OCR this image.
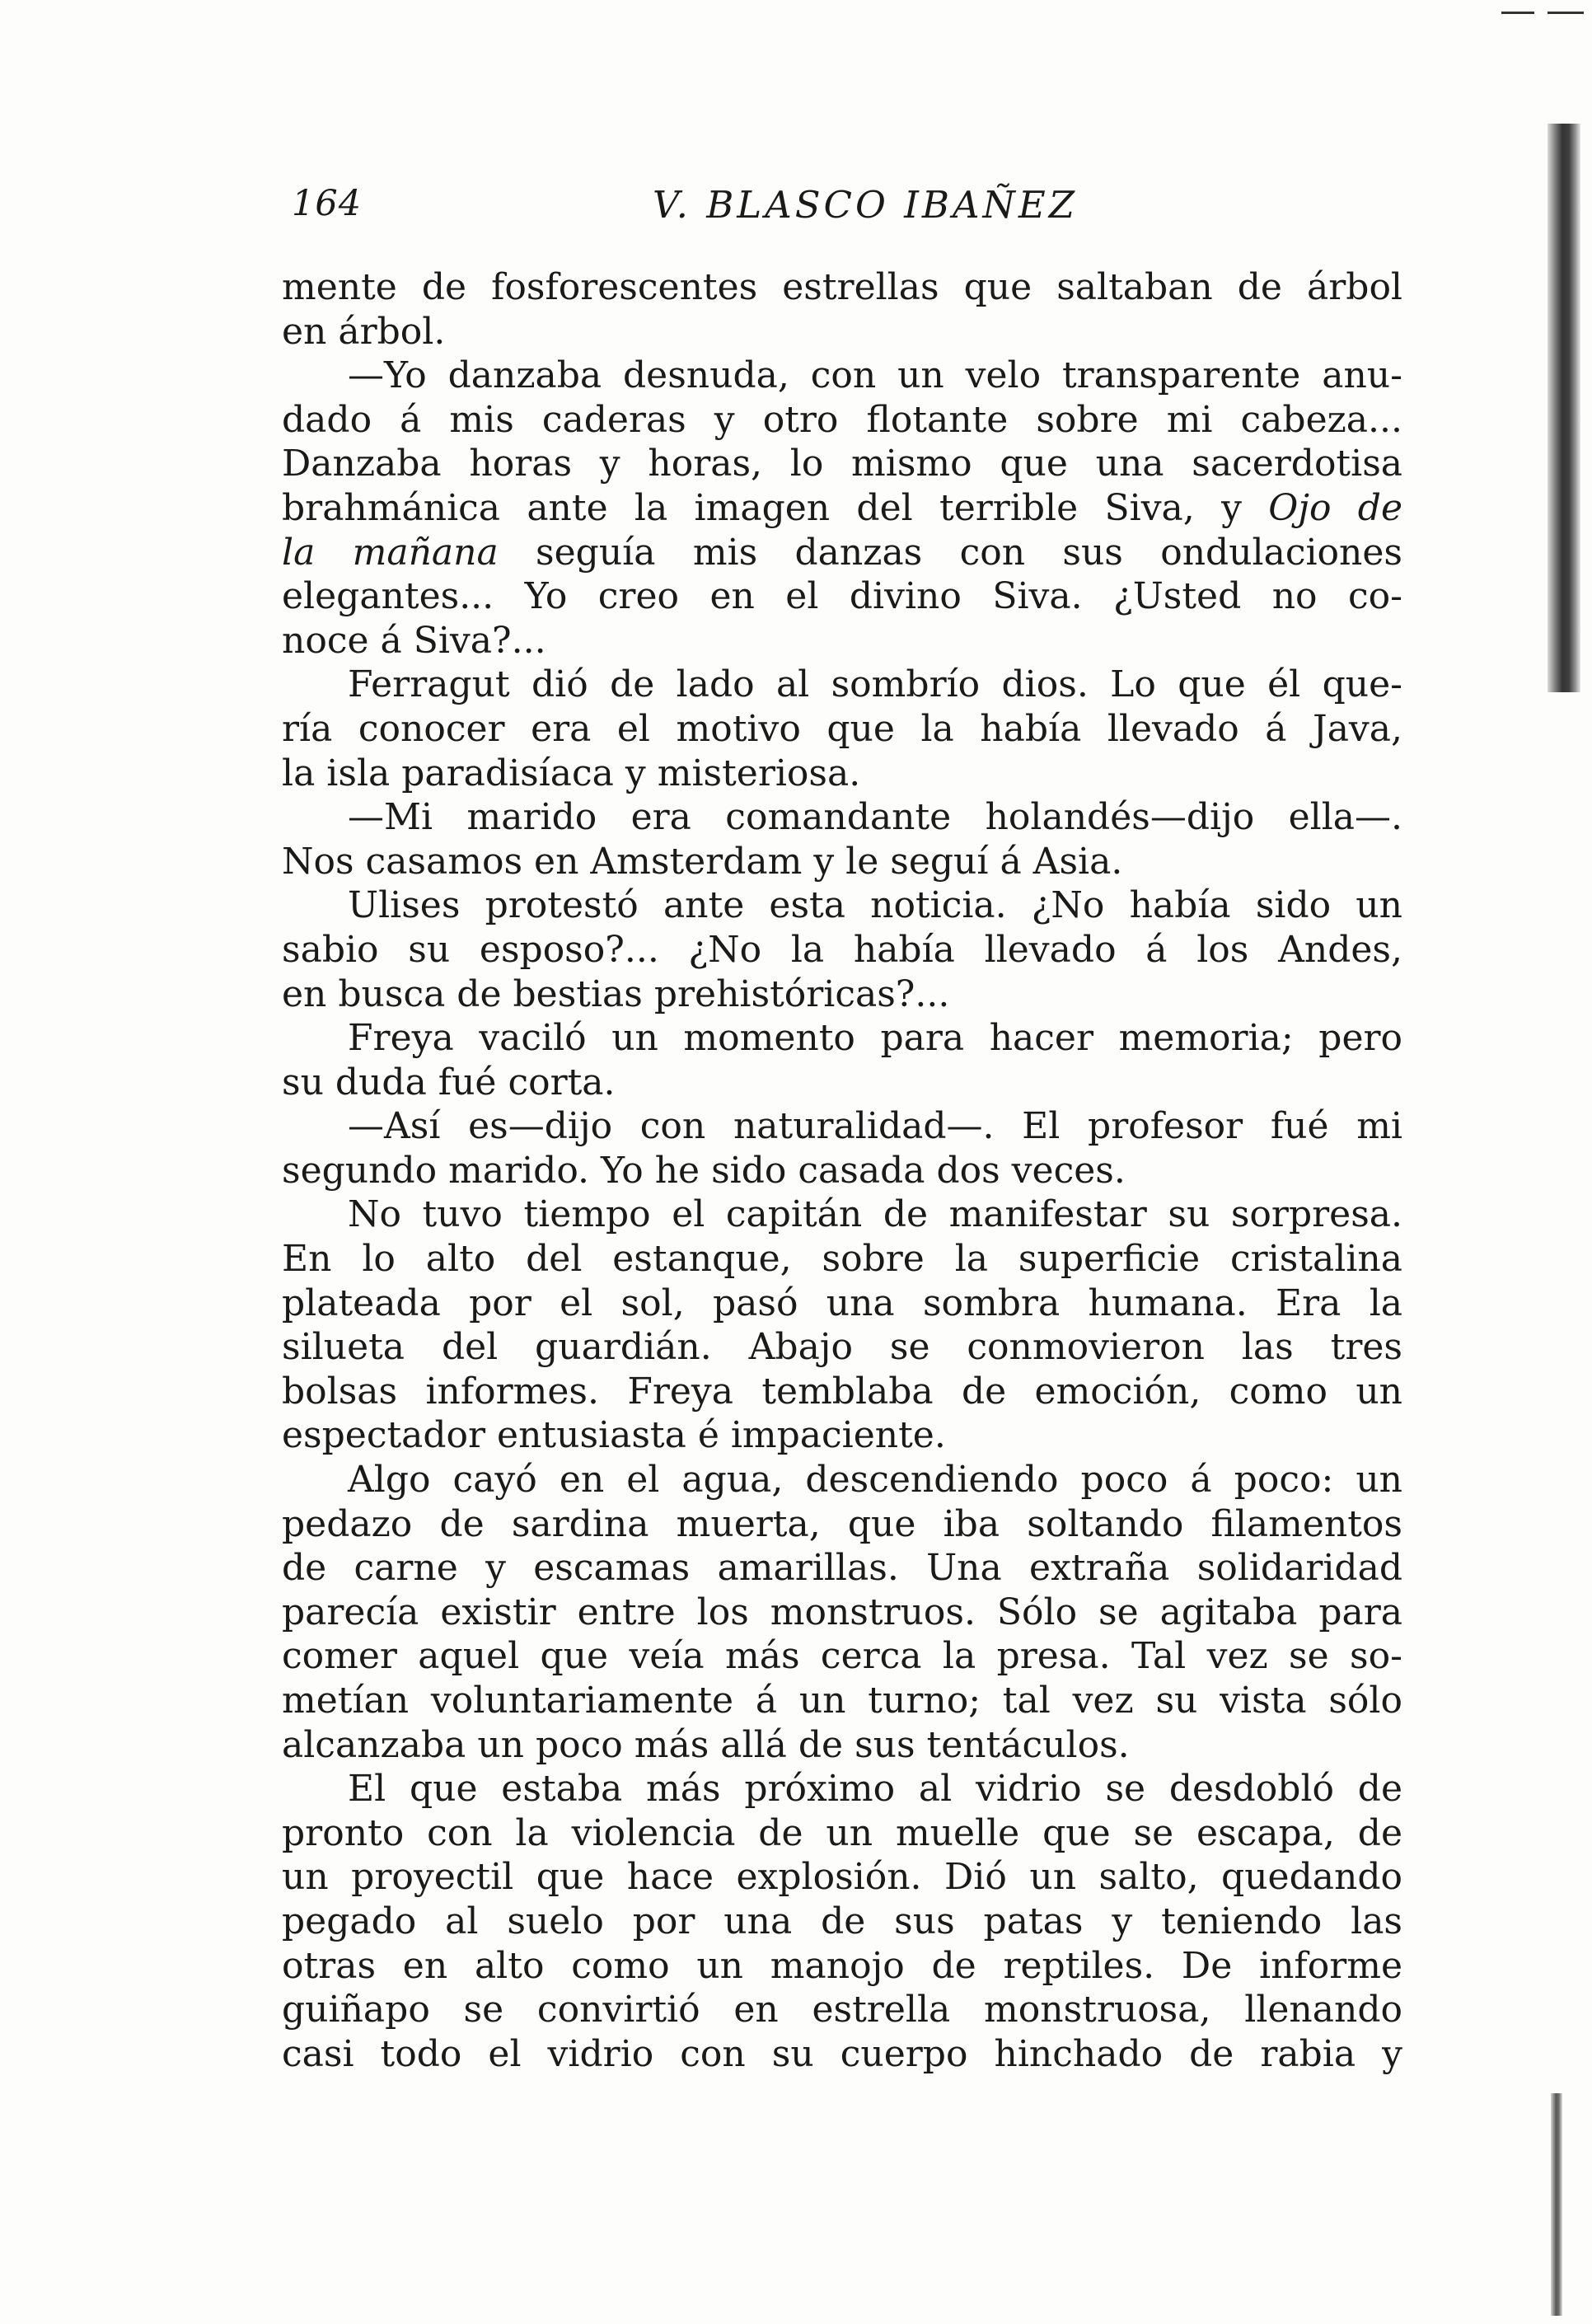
164	V. BLASCO IBAÑEZ
mente de fosforescentes estrellas que saltaban de árbol
en árbol.
—Yo danzaba desnuda, con un velo transparente anu-
dado á mis caderas y otro flotante sobre mi cabeza...
Danzaba horas y horas, lo mismo que una sacerdotisa
brahmánica ante la imagen del terrible Siva, y Ojo de
la mañana seguía mis danzas con sus ondulaciones
elegantes... Yo creo en el divino Siva. ¿Usted no co-
noce á Siva?...
Ferragut dió de lado al sombrío dios. Lo que él que-
ría conocer era el motivo que la había llevado á Java,
la isla paradisíaca y misteriosa.
—Mi marido era comandante holandés—dijo ella—.
Nos casamos en Amsterdam y le seguí á Asia.
Ulises protestó ante esta noticia. ¿No había sido un
sabio su esposo?... ¿No la había llevado á los Andes,
en busca de bestias prehistóricas?...
Freya vaciló un momento para hacer memoria; pero
su duda fué corta.
—Así es—dijo con naturalidad—. El profesor fué mi
segundo marido. Yo he sido casada dos veces.
No tuvo tiempo el capitán de manifestar su sorpresa.
En lo alto del estanque, sobre la superficie cristalina
plateada por el sol, pasó una sombra humana. Era la
silueta del guardián. Abajo se conmovieron las tres
bolsas informes. Freya temblaba de emoción, como un
espectador entusiasta é impaciente.
Algo cayó en el agua, descendiendo poco á poco: un
pedazo de sardina muerta, que iba soltando filamentos
de carne y escamas amarillas. Una extraña solidaridad
parecía existir entre los monstruos. Sólo se agitaba para
comer aquel que veía más cerca la presa. Tal vez se so-
metían voluntariamente á un turno; tal vez su vista sólo
alcanzaba un poco más allá de sus tentáculos.
El que estaba más próximo al vidrio se desdobló de
pronto con la violencia de un muelle que se escapa, de
un proyectil que hace explosión. Dió un salto, quedando
pegado al suelo por una de sus patas y teniendo las
otras en alto como un manojo de reptiles. De informe
guiñapo se convirtió en estrella monstruosa, llenando
casi todo el vidrio con su cuerpo hinchado de rabia y
